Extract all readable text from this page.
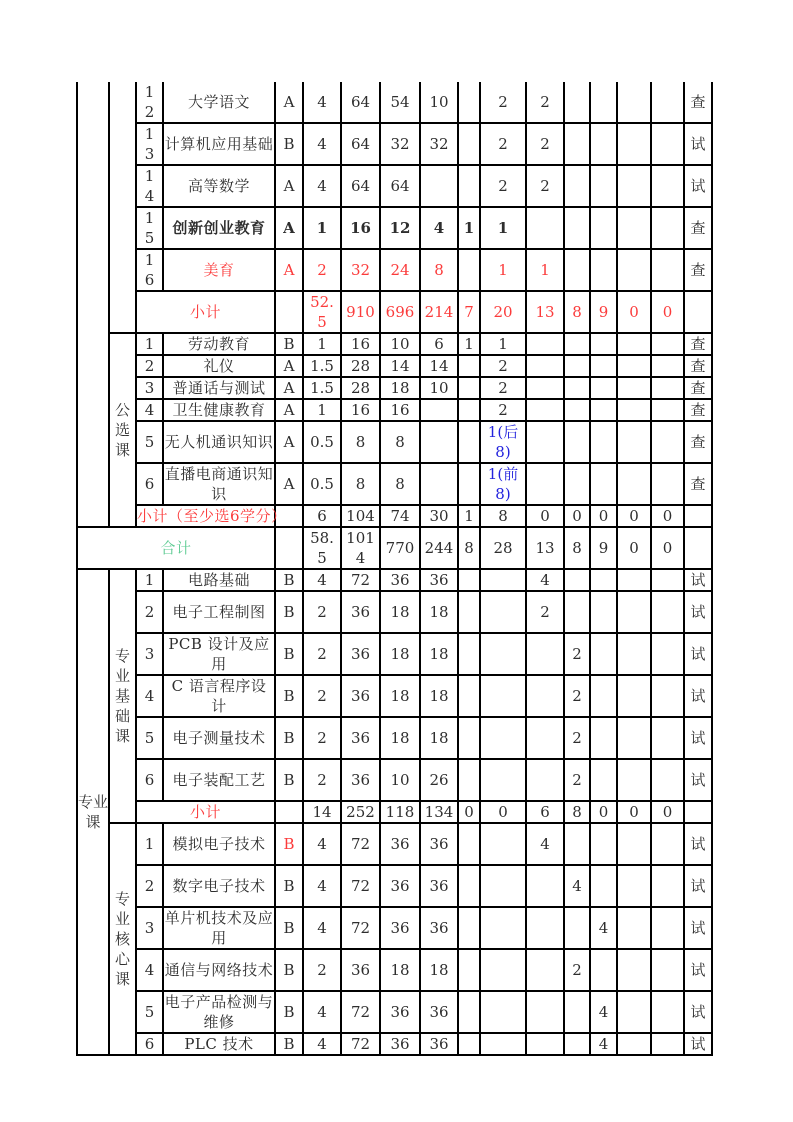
		12	大学语文	A	4	64	54	10		2	2					查
		13	计算机应用基础	B	4	64	32	32		2	2					试
		14	高等数学	A	4	64	64			2	2					试
		15	创新创业教育	A	1	16	12	4	1	1						查
		16	美育	A	2	32	24	8		1	1					查
		小计			52.5	910	696	214	7	20	13	8	9	0	0	
	公选课	1	劳动教育	B	1	16	10	6	1	1						查
		2	礼仪	A	1.5	28	14	14		2						查
		3	普通话与测试	A	1.5	28	18	10		2						查
		4	卫生健康教育	A	1	16	16			2						查
		5	无人机通识知识	A	0.5	8	8			1(后8)						查
		6	直播电商通识知识	A	0.5	8	8			1(前8)						查
		小计（至少选6学分）			6	104	74	30	1	8	0	0	0	0	0	
合计					58.5	1014	770	244	8	28	13	8	9	0	0	
专业课	专业基础课	1	电路基础	B	4	72	36	36			4					试
		2	电子工程制图	B	2	36	18	18			2					试
		3	PCB 设计及应用	B	2	36	18	18				2				试
		4	C 语言程序设计	B	2	36	18	18				2				试
		5	电子测量技术	B	2	36	18	18				2				试
		6	电子装配工艺	B	2	36	10	26				2				试
		小计			14	252	118	134	0	0	6	8	0	0	0	
	专业核心课	1	模拟电子技术	B	4	72	36	36			4					试
		2	数字电子技术	B	4	72	36	36				4				试
		3	单片机技术及应用	B	4	72	36	36					4			试
		4	通信与网络技术	B	2	36	18	18				2				试
		5	电子产品检测与维修	B	4	72	36	36					4			试
		6	PLC 技术	B	4	72	36	36					4			试
